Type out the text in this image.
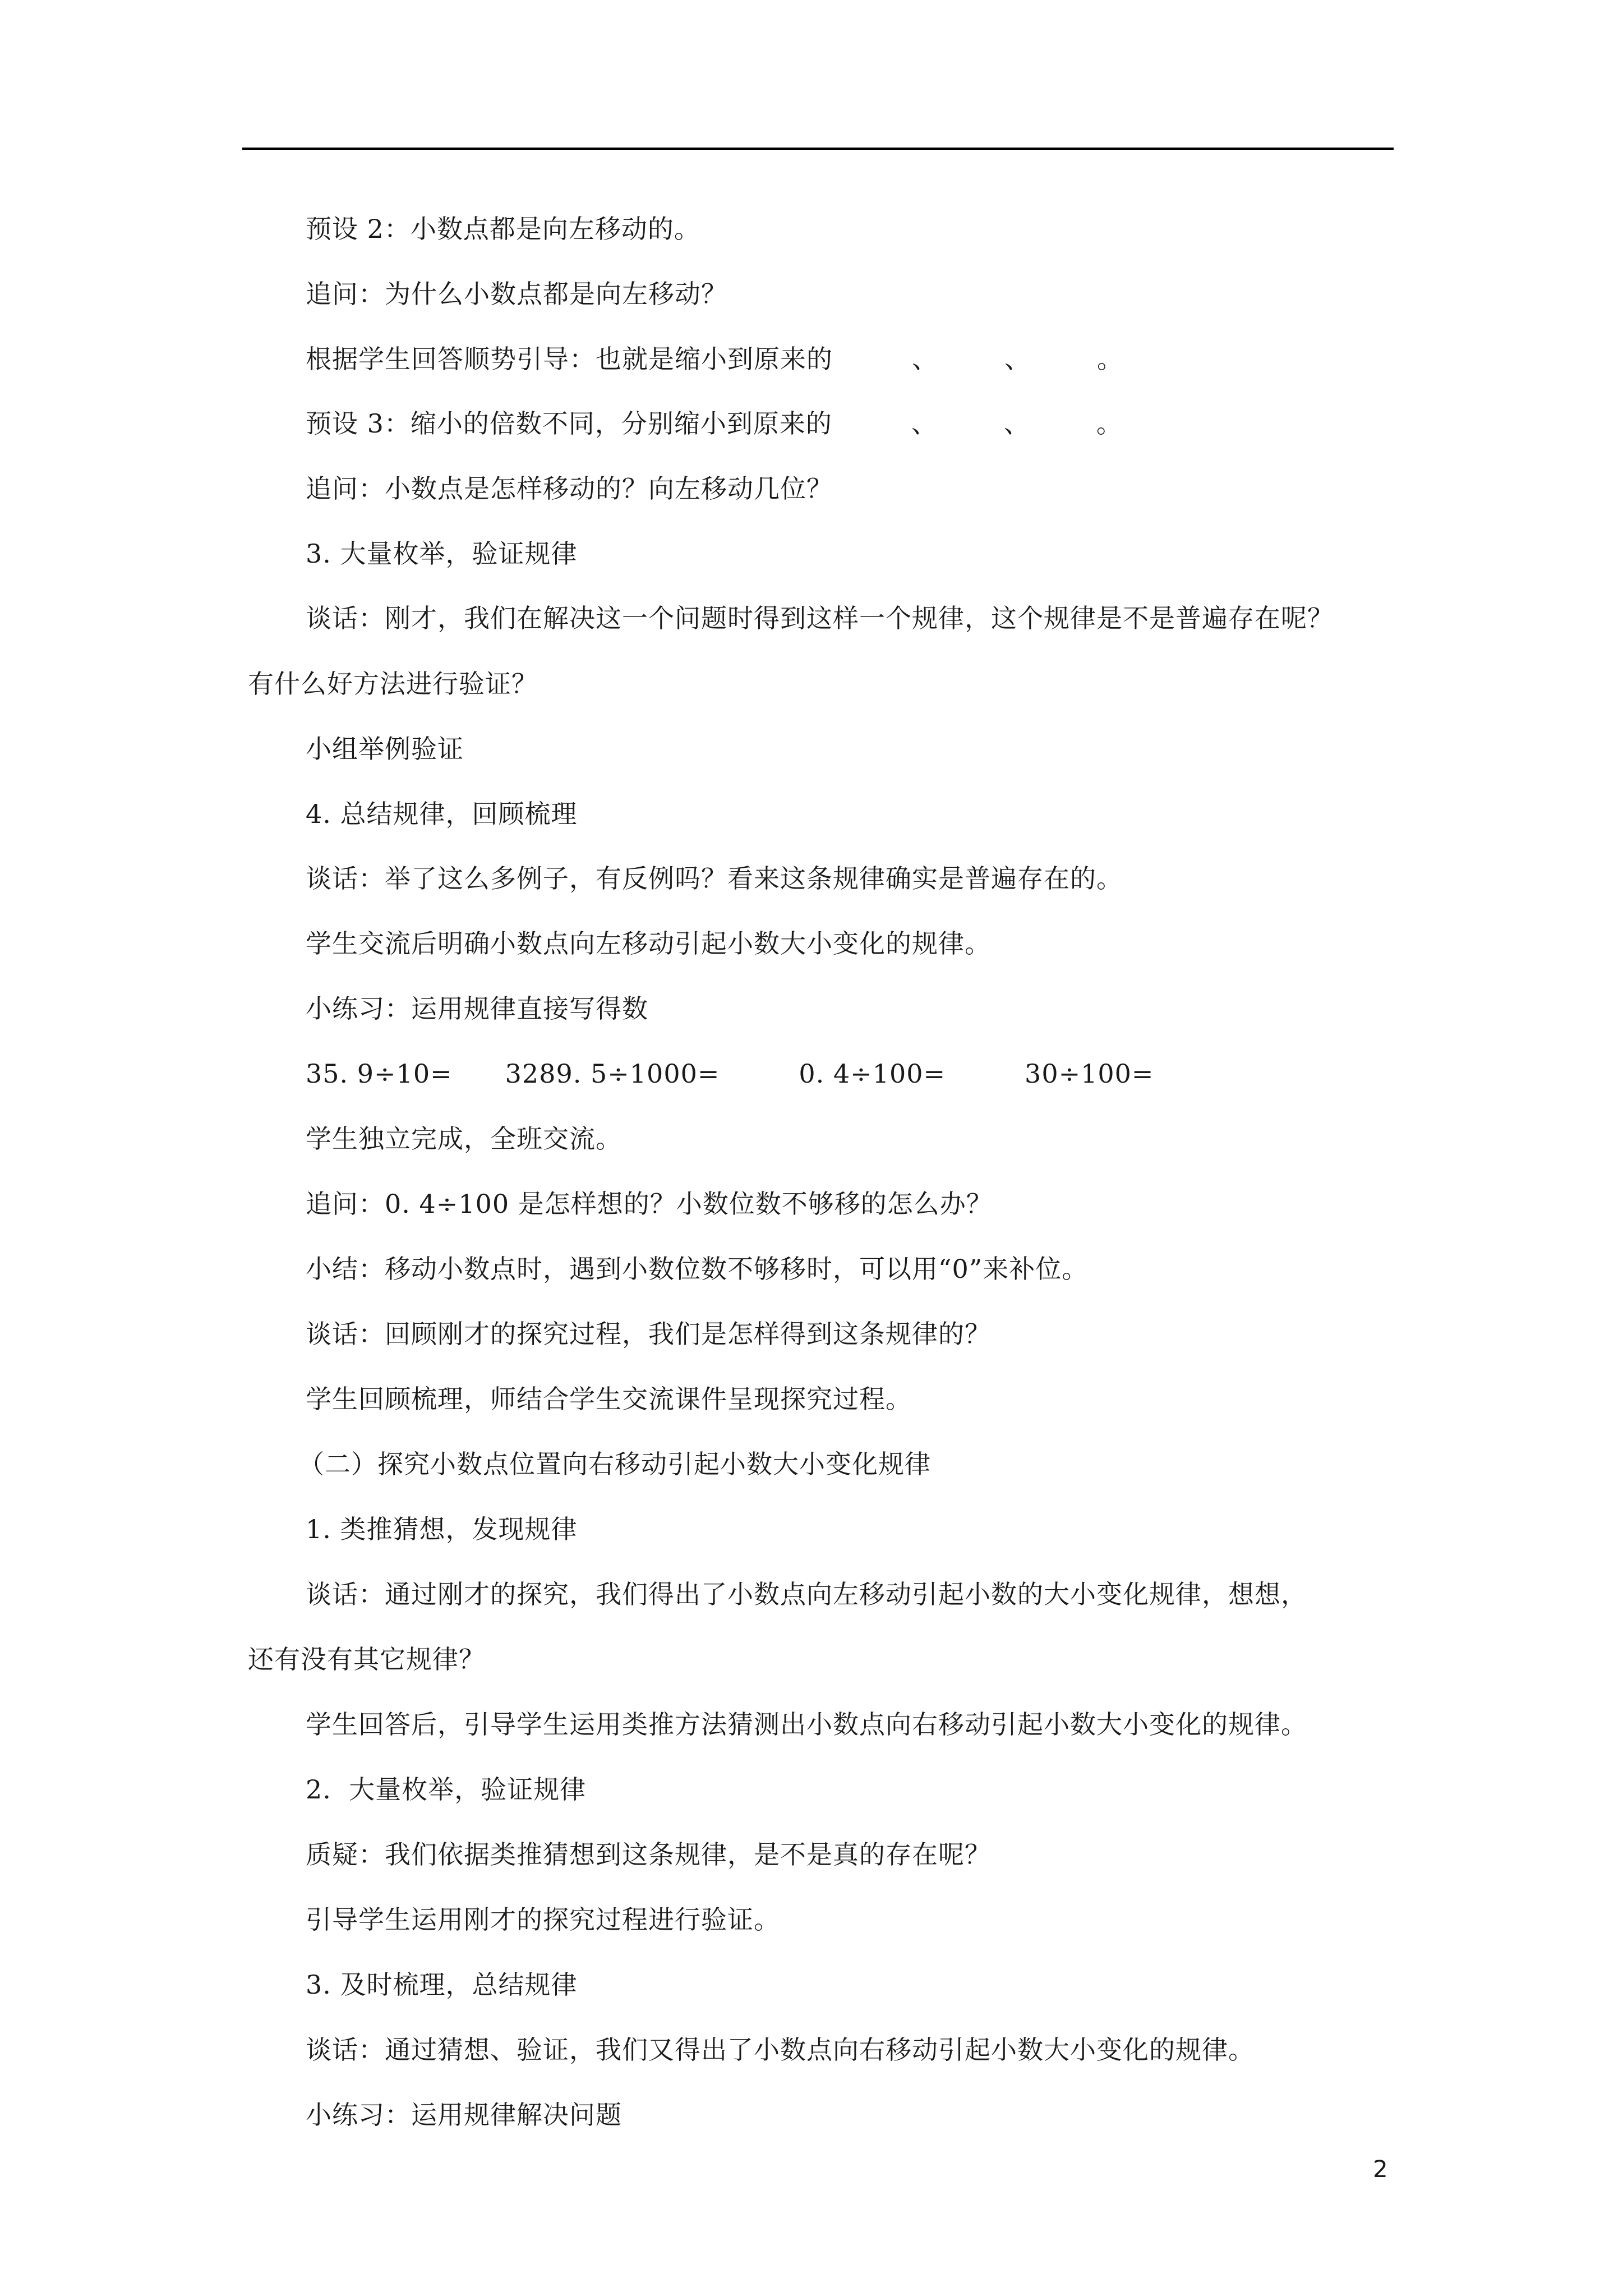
预设 2：小数点都是向左移动的。
追问：为什么小数点都是向左移动？
根据学生回答顺势引导：也就是缩小到原来的　　　、　　　、　　　。
预设 3：缩小的倍数不同，分别缩小到原来的　　　、　　　、　　　。
追问：小数点是怎样移动的？向左移动几位？
3. 大量枚举，验证规律
谈话：刚才，我们在解决这一个问题时得到这样一个规律，这个规律是不是普遍存在呢？
有什么好方法进行验证？
小组举例验证
4. 总结规律，回顾梳理
谈话：举了这么多例子，有反例吗？看来这条规律确实是普遍存在的。
学生交流后明确小数点向左移动引起小数大小变化的规律。
小练习：运用规律直接写得数
35. 9÷10=　　3289. 5÷1000=　　　0. 4÷100=　　　30÷100=
学生独立完成，全班交流。
追问：0. 4÷100 是怎样想的？小数位数不够移的怎么办？
小结：移动小数点时，遇到小数位数不够移时，可以用“0”来补位。
谈话：回顾刚才的探究过程，我们是怎样得到这条规律的？
学生回顾梳理，师结合学生交流课件呈现探究过程。
（二）探究小数点位置向右移动引起小数大小变化规律
1. 类推猜想，发现规律
谈话：通过刚才的探究，我们得出了小数点向左移动引起小数的大小变化规律，想想，
还有没有其它规律？
学生回答后，引导学生运用类推方法猜测出小数点向右移动引起小数大小变化的规律。
2.  大量枚举，验证规律
质疑：我们依据类推猜想到这条规律，是不是真的存在呢？
引导学生运用刚才的探究过程进行验证。
3. 及时梳理，总结规律
谈话：通过猜想、验证，我们又得出了小数点向右移动引起小数大小变化的规律。
小练习：运用规律解决问题
2
